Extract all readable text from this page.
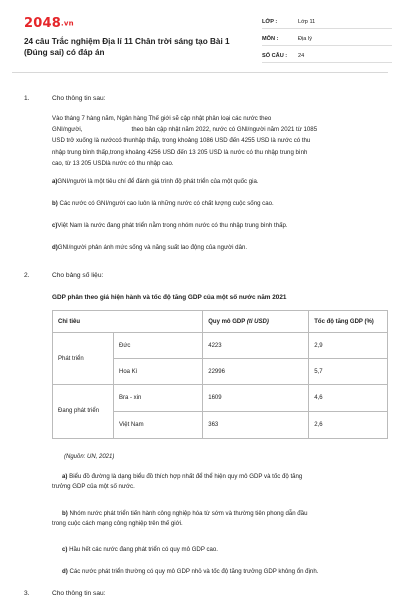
2048.vn
24 câu Trắc nghiệm Địa lí 11 Chân trời sáng tạo Bài 1 (Đúng sai) có đáp án
LỚP :	Lớp 11
MÔN :	Địa lý
SỐ CÂU :	24
1.	Cho thông tin sau:
Vào tháng 7 hàng năm, Ngân hàng Thế giới sẽ cập nhật phân loại các nước theo
GNI/người,                             theo bản cập nhật năm 2022, nước có GNI/người năm 2021 từ 1085
USD trở xuống là nướccó thunhập thấp, trong khoảng 1086 USD đến 4255 USD là nước có thu
nhập trung bình thấp,trong khoảng 4256 USD đến 13 205 USD là nước có thu nhập trung bình
cao, từ 13 205 USDlà nước có thu nhập cao.
a)GNI/người là một tiêu chí để đánh giá trình độ phát triển của một quốc gia.
b) Các nước có GNI/người cao luôn là những nước có chất lượng cuộc sống cao.
c)Việt Nam là nước đang phát triển nằm trong nhóm nước có thu nhập trung bình thấp.
d)GNI/người phản ánh mức sống và năng suất lao động của người dân.
2.	Cho bảng số liệu:
GDP phân theo giá hiện hành và tốc độ tăng GDP của một số nước năm 2021
Chỉ tiêu		Quy mô GDP (tỉ USD)	Tốc độ tăng GDP (%)
Phát triển	Đức	4223	2,9
	Hoa Kì	22996	5,7
Đang phát triển	Bra - xin	1609	4,6
	Việt Nam	363	2,6
(Nguồn: UN, 2021)
a) Biểu đồ đường là dạng biểu đồ thích hợp nhất để thể hiện quy mô GDP và tốc độ tăng
trưởng GDP của một số nước.
b) Nhóm nước phát triển tiến hành công nghiệp hóa từ sớm và thường tiên phong dẫn đầu
trong cuộc cách mạng công nghiệp trên thế giới.
c) Hầu hết các nước đang phát triển có quy mô GDP cao.
d) Các nước phát triển thường có quy mô GDP nhỏ và tốc độ tăng trưởng GDP không ổn định.
3.	Cho thông tin sau:
